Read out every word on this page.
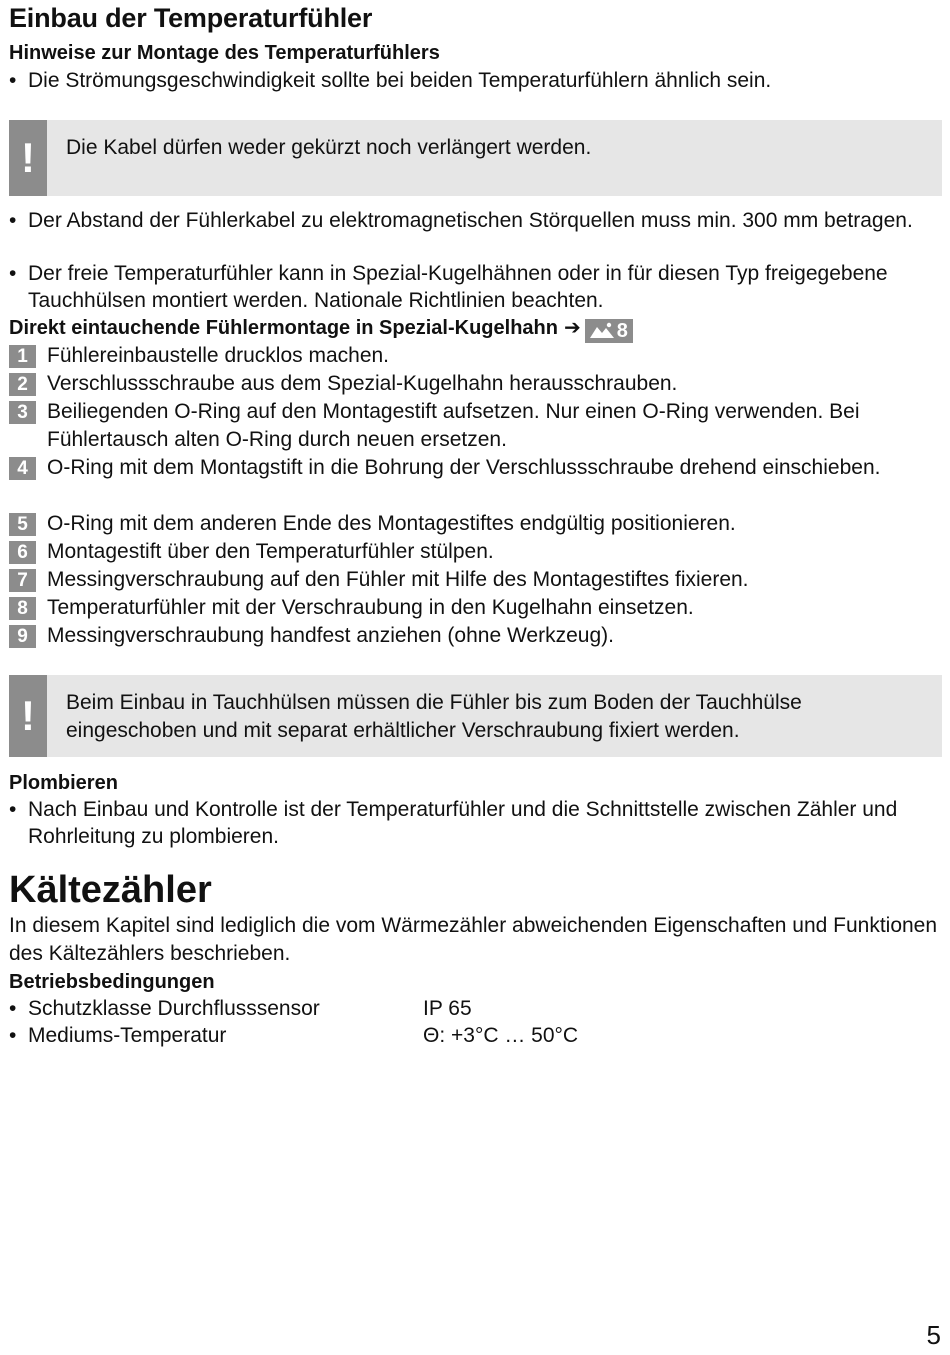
Einbau der Temperaturfühler
Hinweise zur Montage des Temperaturfühlers
• Die Strömungsgeschwindigkeit sollte bei beiden Temperaturfühlern ähnlich sein.
!	Die Kabel dürfen weder gekürzt noch verlängert werden.
• Der Abstand der Fühlerkabel zu elektromagnetischen Störquellen muss min. 300 mm betragen.
• Der freie Temperaturfühler kann in Spezial-Kugelhähnen oder in für diesen Typ freigegebene Tauchhülsen montiert werden. Nationale Richtlinien beachten.
Direkt eintauchende Fühlermontage in Spezial-Kugelhahn ➔ 8
1 Fühlereinbaustelle drucklos machen.
2 Verschlussschraube aus dem Spezial-Kugelhahn herausschrauben.
3 Beiliegenden O-Ring auf den Montagestift aufsetzen. Nur einen O-Ring verwenden. Bei Fühlertausch alten O-Ring durch neuen ersetzen.
4 O-Ring mit dem Montagstift in die Bohrung der Verschlussschraube drehend einschieben.
5 O-Ring mit dem anderen Ende des Montagestiftes endgültig positionieren.
6 Montagestift über den Temperaturfühler stülpen.
7 Messingverschraubung auf den Fühler mit Hilfe des Montagestiftes fixieren.
8 Temperaturfühler mit der Verschraubung in den Kugelhahn einsetzen.
9 Messingverschraubung handfest anziehen (ohne Werkzeug).
!	Beim Einbau in Tauchhülsen müssen die Fühler bis zum Boden der Tauchhülse eingeschoben und mit separat erhältlicher Verschraubung fixiert werden.
Plombieren
• Nach Einbau und Kontrolle ist der Temperaturfühler und die Schnittstelle zwischen Zähler und Rohrleitung zu plombieren.
Kältezähler
In diesem Kapitel sind lediglich die vom Wärmezähler abweichenden Eigenschaften und Funktionen des Kältezählers beschrieben.
Betriebsbedingungen
• Schutzklasse Durchflusssensor	IP 65
• Mediums-Temperatur	Θ: +3°C … 50°C
5
